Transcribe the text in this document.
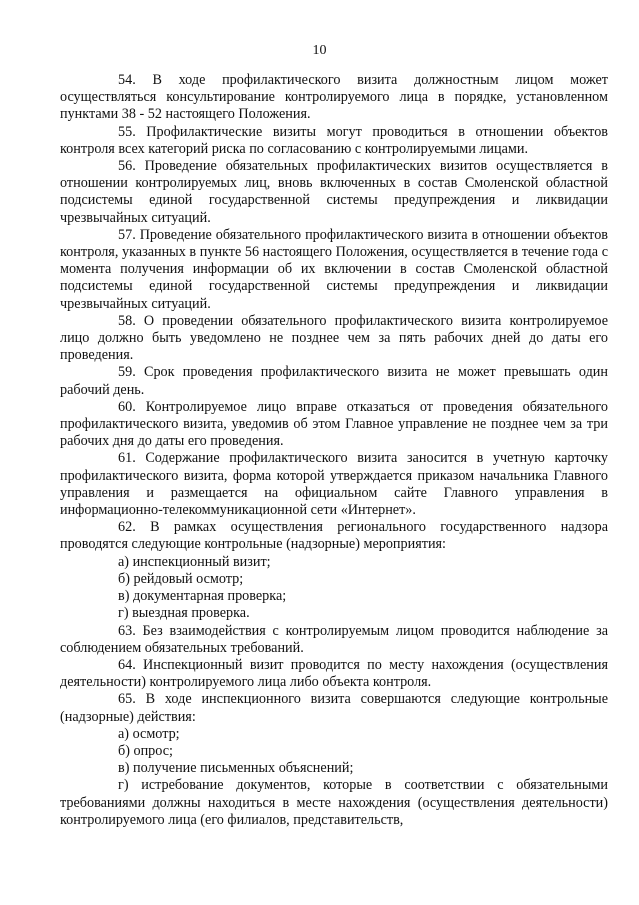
10

54. В ходе профилактического визита должностным лицом может осуществляться консультирование контролируемого лица в порядке, установленном пунктами 38 - 52 настоящего Положения.

55. Профилактические визиты могут проводиться в отношении объектов контроля всех категорий риска по согласованию с контролируемыми лицами.

56. Проведение обязательных профилактических визитов осуществляется в отношении контролируемых лиц, вновь включенных в состав Смоленской областной подсистемы единой государственной системы предупреждения и ликвидации чрезвычайных ситуаций.

57. Проведение обязательного профилактического визита в отношении объектов контроля, указанных в пункте 56 настоящего Положения, осуществляется в течение года с момента получения информации об их включении в состав Смоленской областной подсистемы единой государственной системы предупреждения и ликвидации чрезвычайных ситуаций.

58. О проведении обязательного профилактического визита контролируемое лицо должно быть уведомлено не позднее чем за пять рабочих дней до даты его проведения.

59. Срок проведения профилактического визита не может превышать один рабочий день.

60. Контролируемое лицо вправе отказаться от проведения обязательного профилактического визита, уведомив об этом Главное управление не позднее чем за три рабочих дня до даты его проведения.

61. Содержание профилактического визита заносится в учетную карточку профилактического визита, форма которой утверждается приказом начальника Главного управления и размещается на официальном сайте Главного управления в информационно-телекоммуникационной сети «Интернет».

62. В рамках осуществления регионального государственного надзора проводятся следующие контрольные (надзорные) мероприятия:

а) инспекционный визит;

б) рейдовый осмотр;

в) документарная проверка;

г) выездная проверка.

63. Без взаимодействия с контролируемым лицом проводится наблюдение за соблюдением обязательных требований.

64. Инспекционный визит проводится по месту нахождения (осуществления деятельности) контролируемого лица либо объекта контроля.

65. В ходе инспекционного визита совершаются следующие контрольные (надзорные) действия:

а) осмотр;

б) опрос;

в) получение письменных объяснений;

г) истребование документов, которые в соответствии с обязательными требованиями должны находиться в месте нахождения (осуществления деятельности) контролируемого лица (его филиалов, представительств,
